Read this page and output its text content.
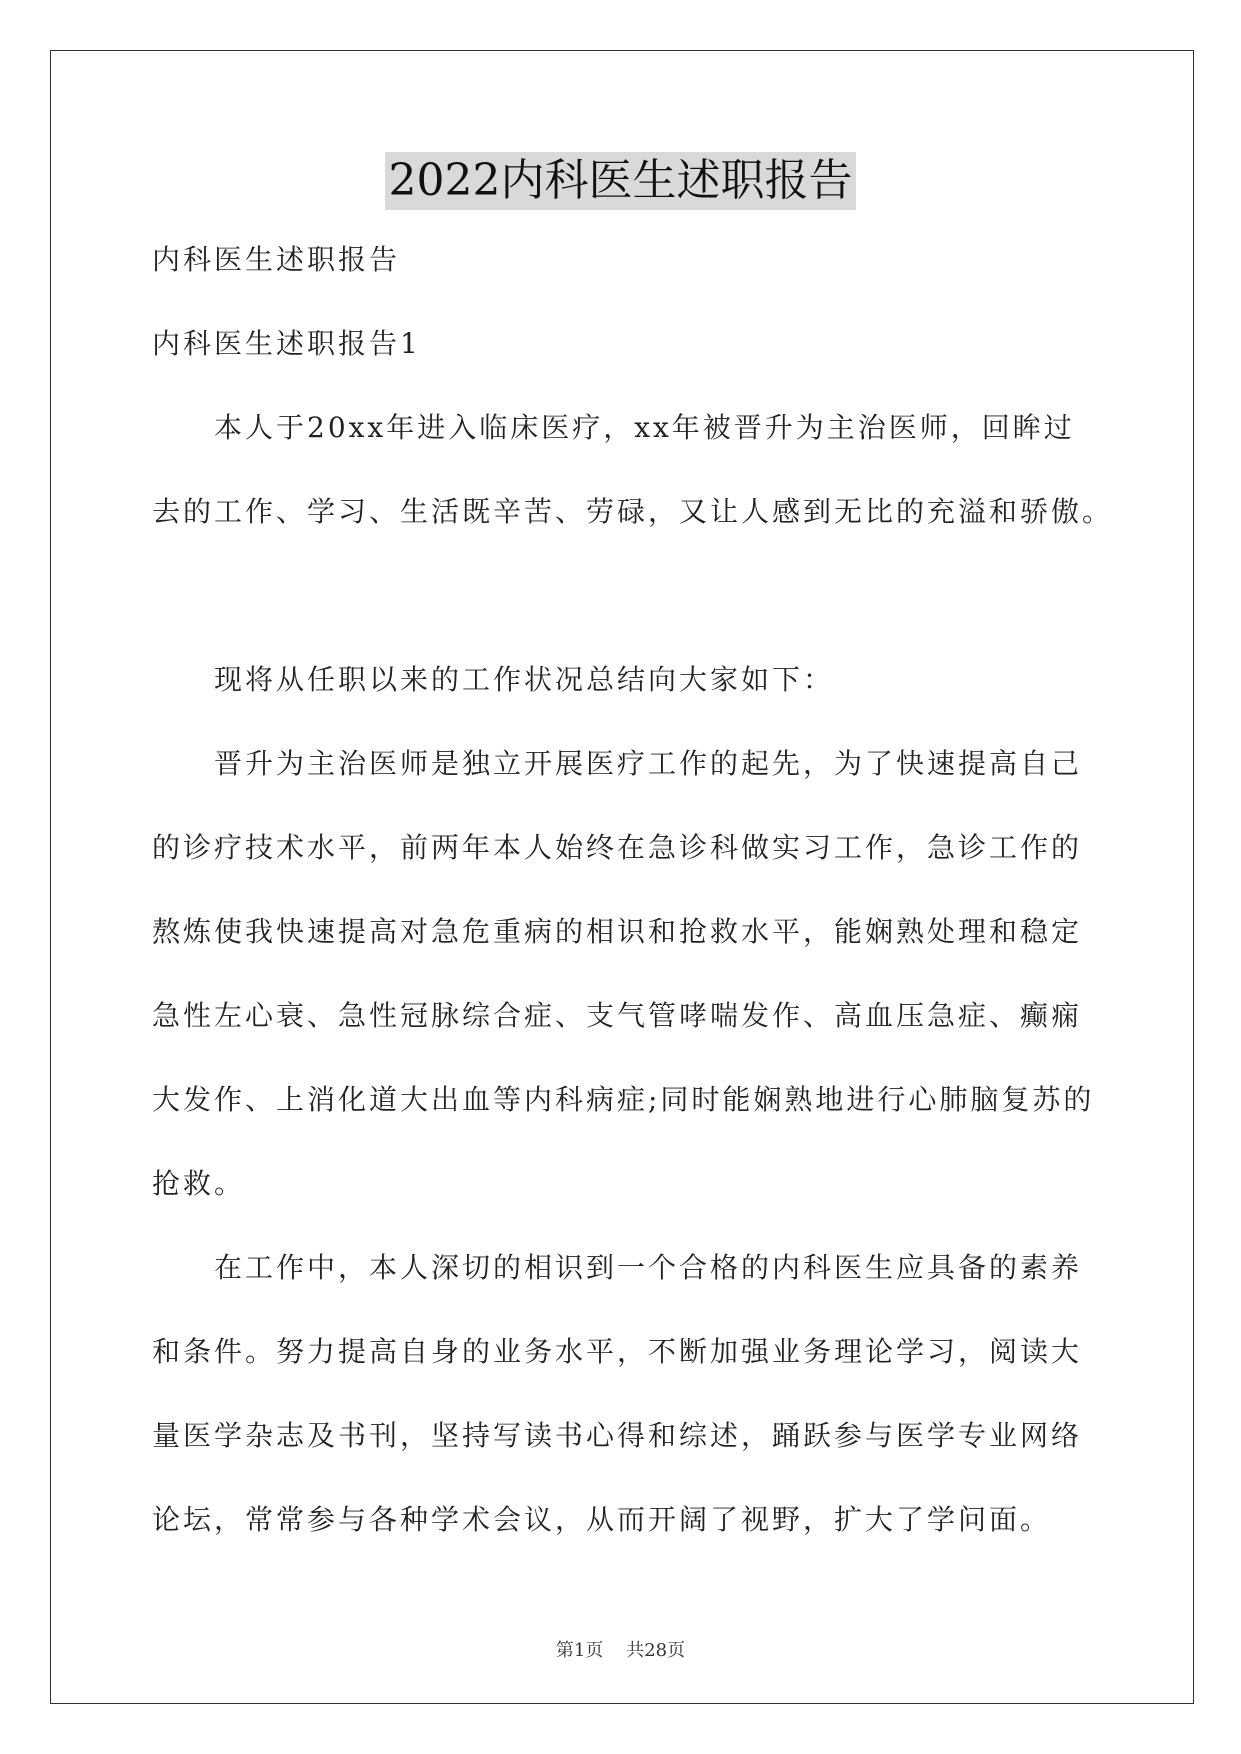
2022内科医生述职报告
内科医生述职报告
内科医生述职报告1
本人于20xx年进入临床医疗，xx年被晋升为主治医师，回眸过
去的工作、学习、生活既辛苦、劳碌，又让人感到无比的充溢和骄傲。
现将从任职以来的工作状况总结向大家如下：
晋升为主治医师是独立开展医疗工作的起先，为了快速提高自己
的诊疗技术水平，前两年本人始终在急诊科做实习工作，急诊工作的
熬炼使我快速提高对急危重病的相识和抢救水平，能娴熟处理和稳定
急性左心衰、急性冠脉综合症、支气管哮喘发作、高血压急症、癫痫
大发作、上消化道大出血等内科病症;同时能娴熟地进行心肺脑复苏的
抢救。
在工作中，本人深切的相识到一个合格的内科医生应具备的素养
和条件。努力提高自身的业务水平，不断加强业务理论学习，阅读大
量医学杂志及书刊，坚持写读书心得和综述，踊跃参与医学专业网络
论坛，常常参与各种学术会议，从而开阔了视野，扩大了学问面。
第1页    共28页
